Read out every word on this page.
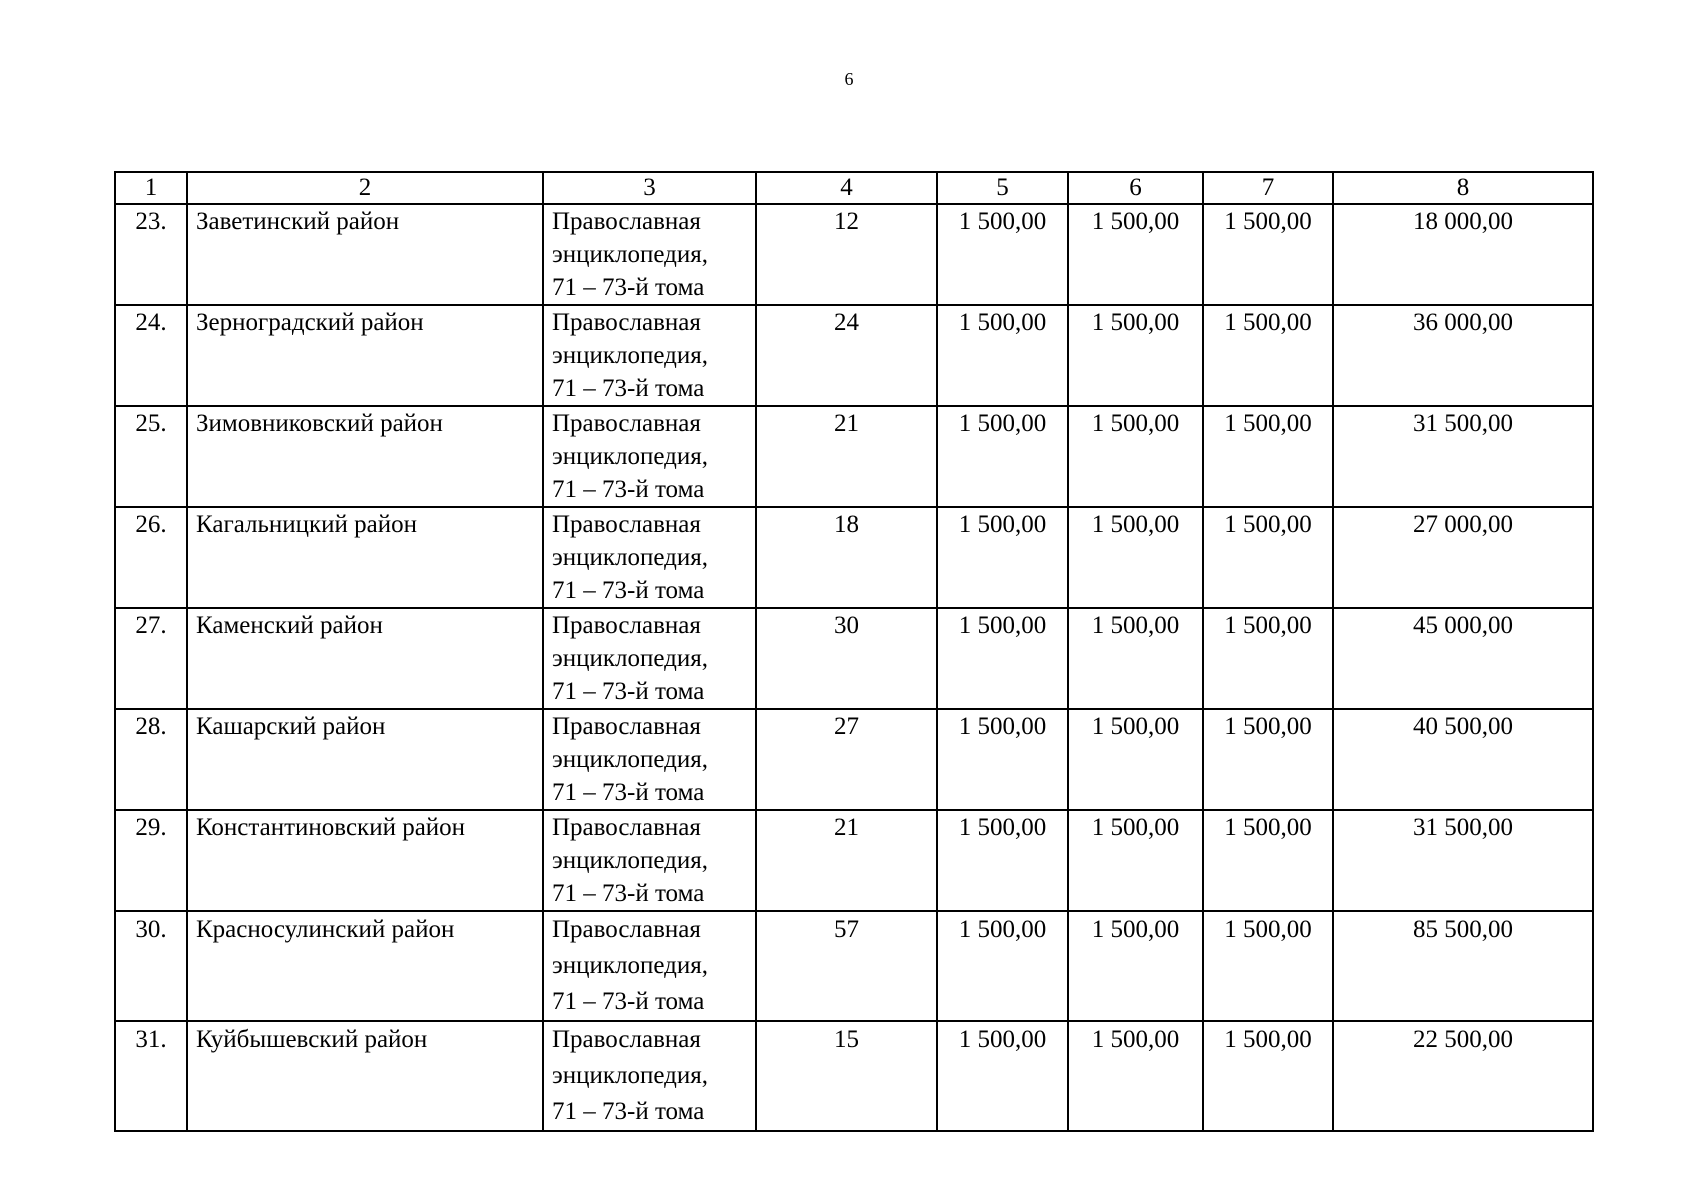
6
1	2	3	4	5	6	7	8
23.	Заветинский район	Православная
энциклопедия,
71 – 73-й тома	12	1 500,00	1 500,00	1 500,00	18 000,00
24.	Зерноградский район	Православная
энциклопедия,
71 – 73-й тома	24	1 500,00	1 500,00	1 500,00	36 000,00
25.	Зимовниковский район	Православная
энциклопедия,
71 – 73-й тома	21	1 500,00	1 500,00	1 500,00	31 500,00
26.	Кагальницкий район	Православная
энциклопедия,
71 – 73-й тома	18	1 500,00	1 500,00	1 500,00	27 000,00
27.	Каменский район	Православная
энциклопедия,
71 – 73-й тома	30	1 500,00	1 500,00	1 500,00	45 000,00
28.	Кашарский район	Православная
энциклопедия,
71 – 73-й тома	27	1 500,00	1 500,00	1 500,00	40 500,00
29.	Константиновский район	Православная
энциклопедия,
71 – 73-й тома	21	1 500,00	1 500,00	1 500,00	31 500,00
30.	Красносулинский район	Православная
энциклопедия,
71 – 73-й тома	57	1 500,00	1 500,00	1 500,00	85 500,00
31.	Куйбышевский район	Православная
энциклопедия,
71 – 73-й тома	15	1 500,00	1 500,00	1 500,00	22 500,00
